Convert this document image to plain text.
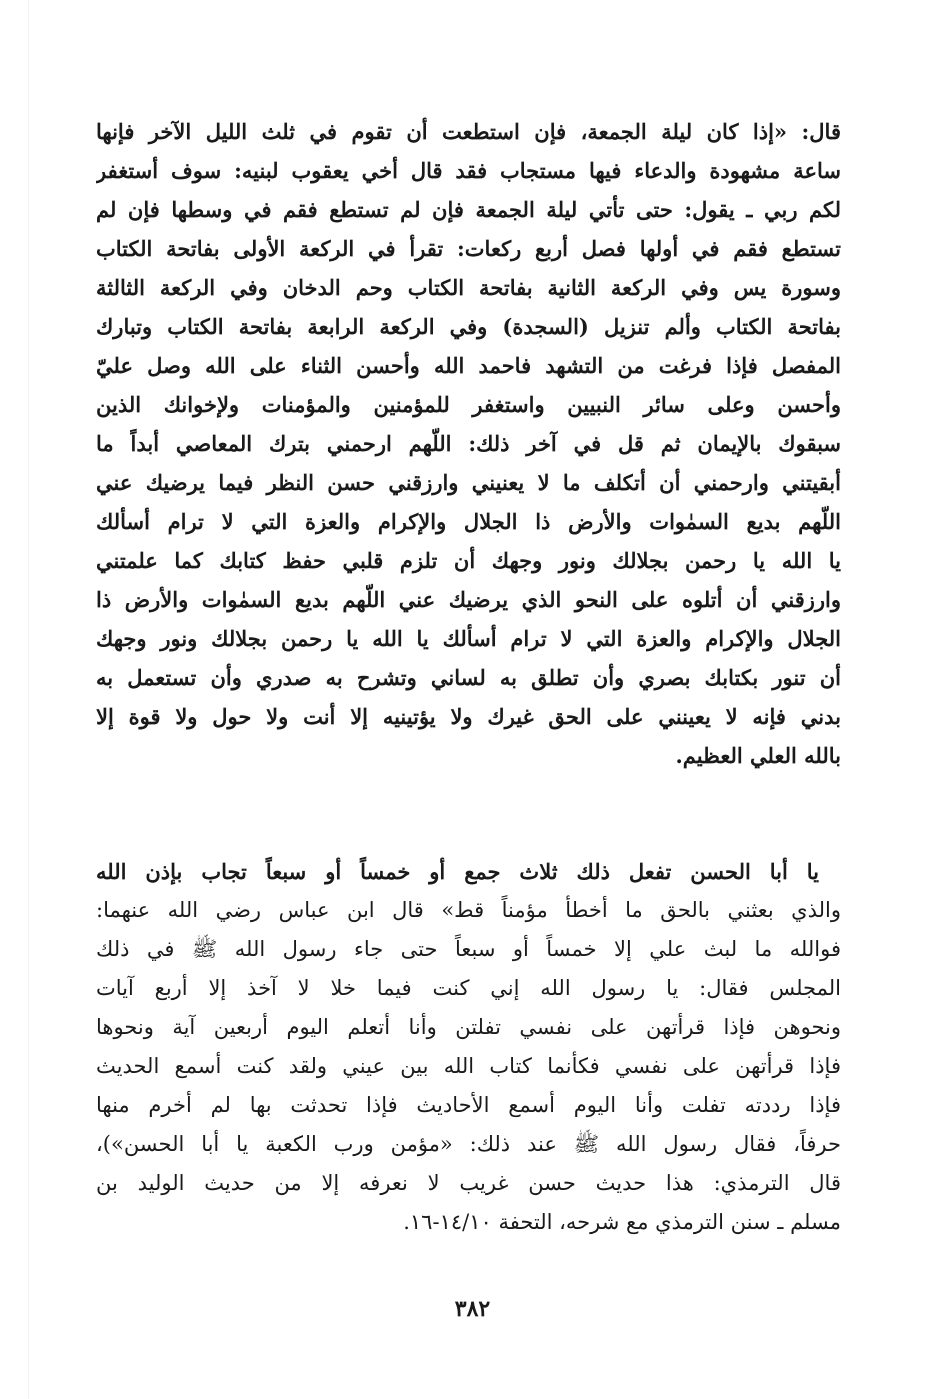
قال: «إذا كان ليلة الجمعة، فإن استطعت أن تقوم في ثلث الليل الآخر فإنها
ساعة مشهودة والدعاء فيها مستجاب فقد قال أخي يعقوب لبنيه: سوف أستغفر
لكم ربي ـ يقول: حتى تأتي ليلة الجمعة فإن لم تستطع فقم في وسطها فإن لم
تستطع فقم في أولها فصل أربع ركعات: تقرأ في الركعة الأولى بفاتحة الكتاب
وسورة يس وفي الركعة الثانية بفاتحة الكتاب وحم الدخان وفي الركعة الثالثة
بفاتحة الكتاب وألم تنزيل (السجدة) وفي الركعة الرابعة بفاتحة الكتاب وتبارك
المفصل فإذا فرغت من التشهد فاحمد الله وأحسن الثناء على الله وصل عليّ
وأحسن وعلى سائر النبيين واستغفر للمؤمنين والمؤمنات ولإخوانك الذين
سبقوك بالإيمان ثم قل في آخر ذلك: اللّهم ارحمني بترك المعاصي أبداً ما
أبقيتني وارحمني أن أتكلف ما لا يعنيني وارزقني حسن النظر فيما يرضيك عني
اللّهم بديع السمٰوات والأرض ذا الجلال والإكرام والعزة التي لا ترام أسألك
يا الله يا رحمن بجلالك ونور وجهك أن تلزم قلبي حفظ كتابك كما علمتني
وارزقني أن أتلوه على النحو الذي يرضيك عني اللّهم بديع السمٰوات والأرض ذا
الجلال والإكرام والعزة التي لا ترام أسألك يا الله يا رحمن بجلالك ونور وجهك
أن تنور بكتابك بصري وأن تطلق به لساني وتشرح به صدري وأن تستعمل به
بدني فإنه لا يعينني على الحق غيرك ولا يؤتينيه إلا أنت ولا حول ولا قوة إلا
بالله العلي العظيم.
يا أبا الحسن تفعل ذلك ثلاث جمع أو خمساً أو سبعاً تجاب بإذن الله
والذي بعثني بالحق ما أخطأ مؤمناً قط» قال ابن عباس رضي الله عنهما:
فوالله ما لبث علي إلا خمساً أو سبعاً حتى جاء رسول الله ﷺ في ذلك
المجلس فقال: يا رسول الله إني كنت فيما خلا لا آخذ إلا أربع آيات
ونحوهن فإذا قرأتهن على نفسي تفلتن وأنا أتعلم اليوم أربعين آية ونحوها
فإذا قرأتهن على نفسي فكأنما كتاب الله بين عيني ولقد كنت أسمع الحديث
فإذا رددته تفلت وأنا اليوم أسمع الأحاديث فإذا تحدثت بها لم أخرم منها
حرفاً، فقال رسول الله ﷺ عند ذلك: «مؤمن ورب الكعبة يا أبا الحسن»)،
قال الترمذي: هذا حديث حسن غريب لا نعرفه إلا من حديث الوليد بن
مسلم ـ سنن الترمذي مع شرحه، التحفة ١٤/١٠-١٦.
٣٨٢
